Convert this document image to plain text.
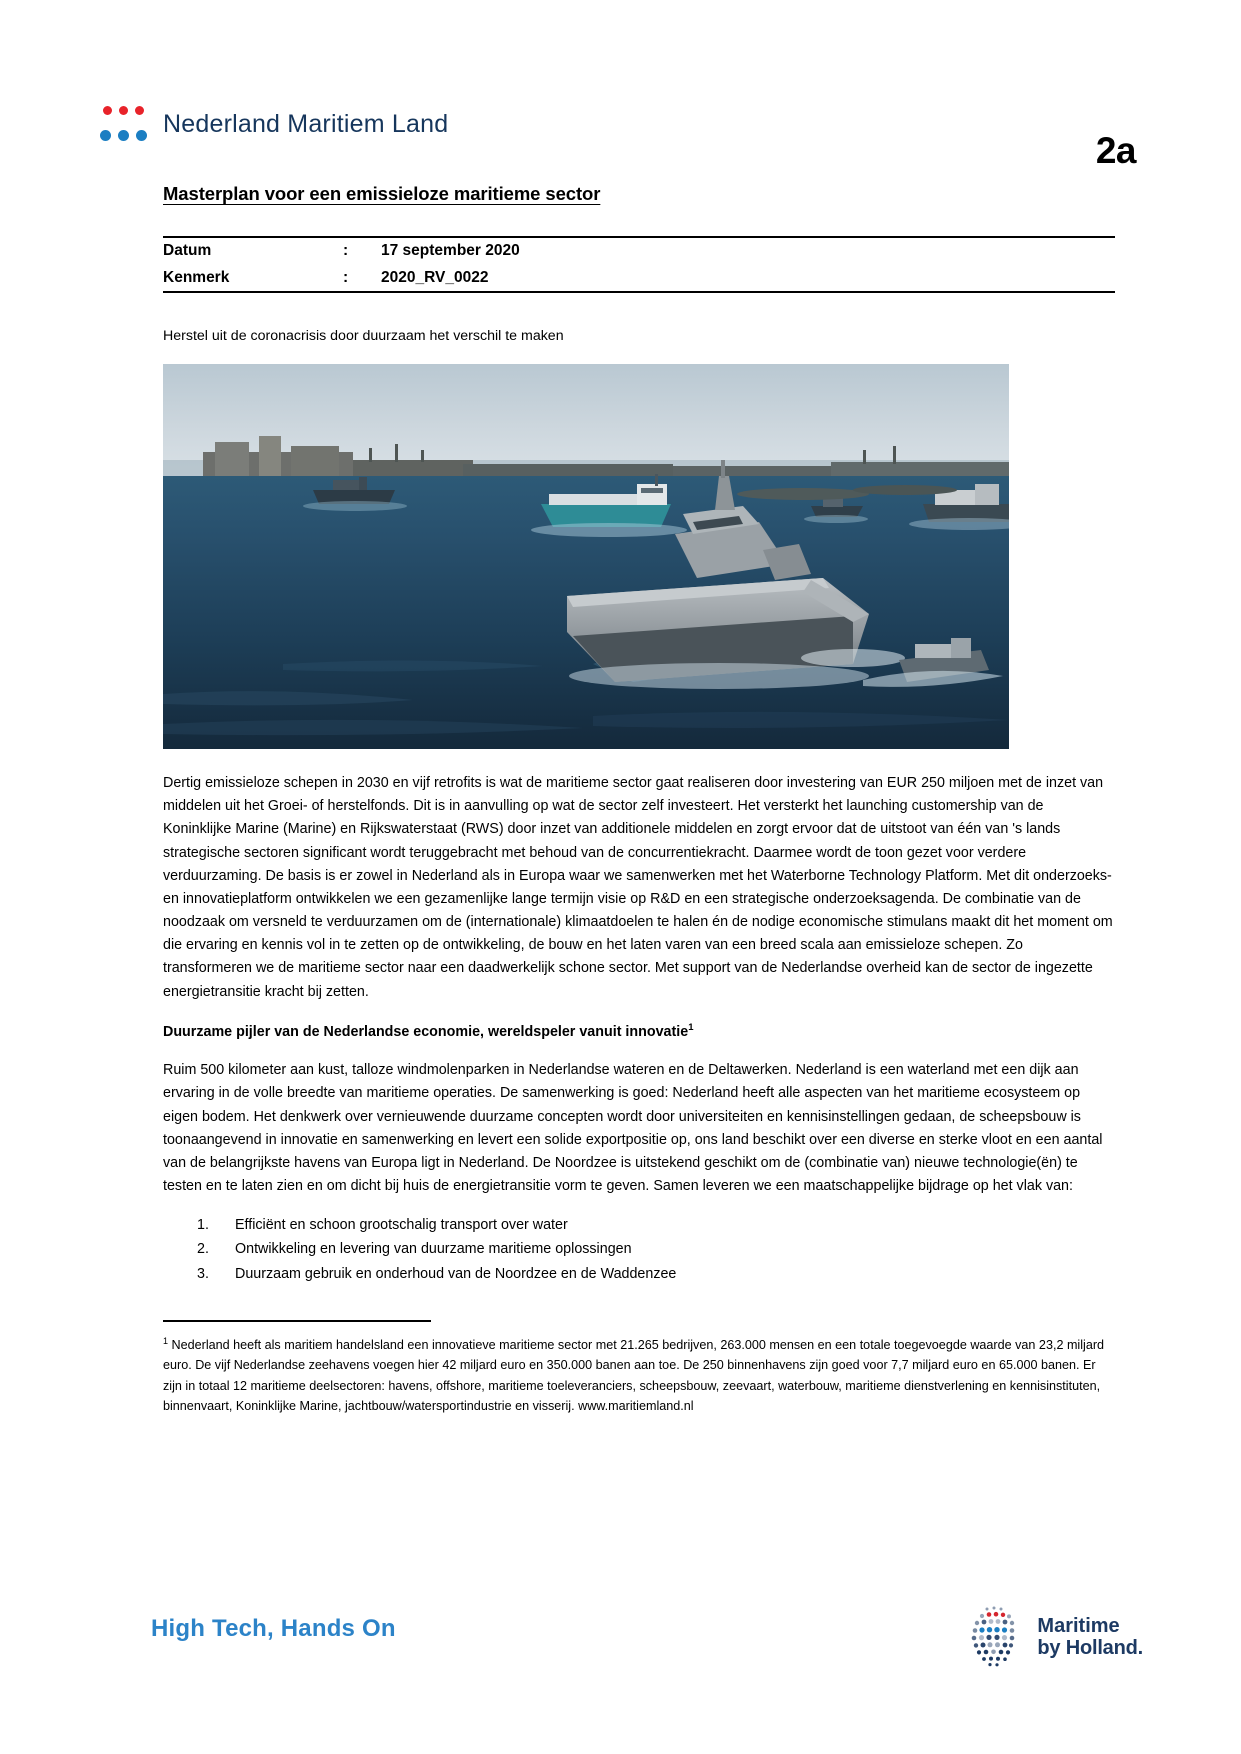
Nederland Maritiem Land
2a
Masterplan voor een emissieloze maritieme sector
Datum	:	17 september 2020
Kenmerk	:	2020_RV_0022

Herstel uit de coronacrisis door duurzaam het verschil te maken

Dertig emissieloze schepen in 2030 en vijf retrofits is wat de maritieme sector gaat realiseren door investering van EUR 250 miljoen met de inzet van middelen uit het Groei- of herstelfonds. Dit is in aanvulling op wat de sector zelf investeert. Het versterkt het launching customership van de Koninklijke Marine (Marine) en Rijkswaterstaat (RWS) door inzet van additionele middelen en zorgt ervoor dat de uitstoot van één van 's lands strategische sectoren significant wordt teruggebracht met behoud van de concurrentiekracht. Daarmee wordt de toon gezet voor verdere verduurzaming. De basis is er zowel in Nederland als in Europa waar we samenwerken met het Waterborne Technology Platform. Met dit onderzoeks- en innovatieplatform ontwikkelen we een gezamenlijke lange termijn visie op R&D en een strategische onderzoeksagenda. De combinatie van de noodzaak om versneld te verduurzamen om de (internationale) klimaatdoelen te halen én de nodige economische stimulans maakt dit het moment om die ervaring en kennis vol in te zetten op de ontwikkeling, de bouw en het laten varen van een breed scala aan emissieloze schepen. Zo transformeren we de maritieme sector naar een daadwerkelijk schone sector. Met support van de Nederlandse overheid kan de sector de ingezette energietransitie kracht bij zetten.

Duurzame pijler van de Nederlandse economie, wereldspeler vanuit innovatie$^1$

Ruim 500 kilometer aan kust, talloze windmolenparken in Nederlandse wateren en de Deltawerken. Nederland is een waterland met een dijk aan ervaring in de volle breedte van maritieme operaties. De samenwerking is goed: Nederland heeft alle aspecten van het maritieme ecosysteem op eigen bodem. Het denkwerk over vernieuwende duurzame concepten wordt door universiteiten en kennisinstellingen gedaan, de scheepsbouw is toonaangevend in innovatie en samenwerking en levert een solide exportpositie op, ons land beschikt over een diverse en sterke vloot en een aantal van de belangrijkste havens van Europa ligt in Nederland. De Noordzee is uitstekend geschikt om de (combinatie van) nieuwe technologie(ën) te testen en te laten zien en om dicht bij huis de energietransitie vorm te geven. Samen leveren we een maatschappelijke bijdrage op het vlak van:

1.	Efficiënt en schoon grootschalig transport over water
2.	Ontwikkeling en levering van duurzame maritieme oplossingen
3.	Duurzaam gebruik en onderhoud van de Noordzee en de Waddenzee

$^1$ Nederland heeft als maritiem handelsland een innovatieve maritieme sector met 21.265 bedrijven, 263.000 mensen en een totale toegevoegde waarde van 23,2 miljard euro. De vijf Nederlandse zeehavens voegen hier 42 miljard euro en 350.000 banen aan toe. De 250 binnenhavens zijn goed voor 7,7 miljard euro en 65.000 banen. Er zijn in totaal 12 maritieme deelsectoren: havens, offshore, maritieme toeleveranciers, scheepsbouw, zeevaart, waterbouw, maritieme dienstverlening en kennisinstituten, binnenvaart, Koninklijke Marine, jachtbouw/watersportindustrie en visserij. www.maritiemland.nl

High Tech, Hands On	Maritime
by Holland.
